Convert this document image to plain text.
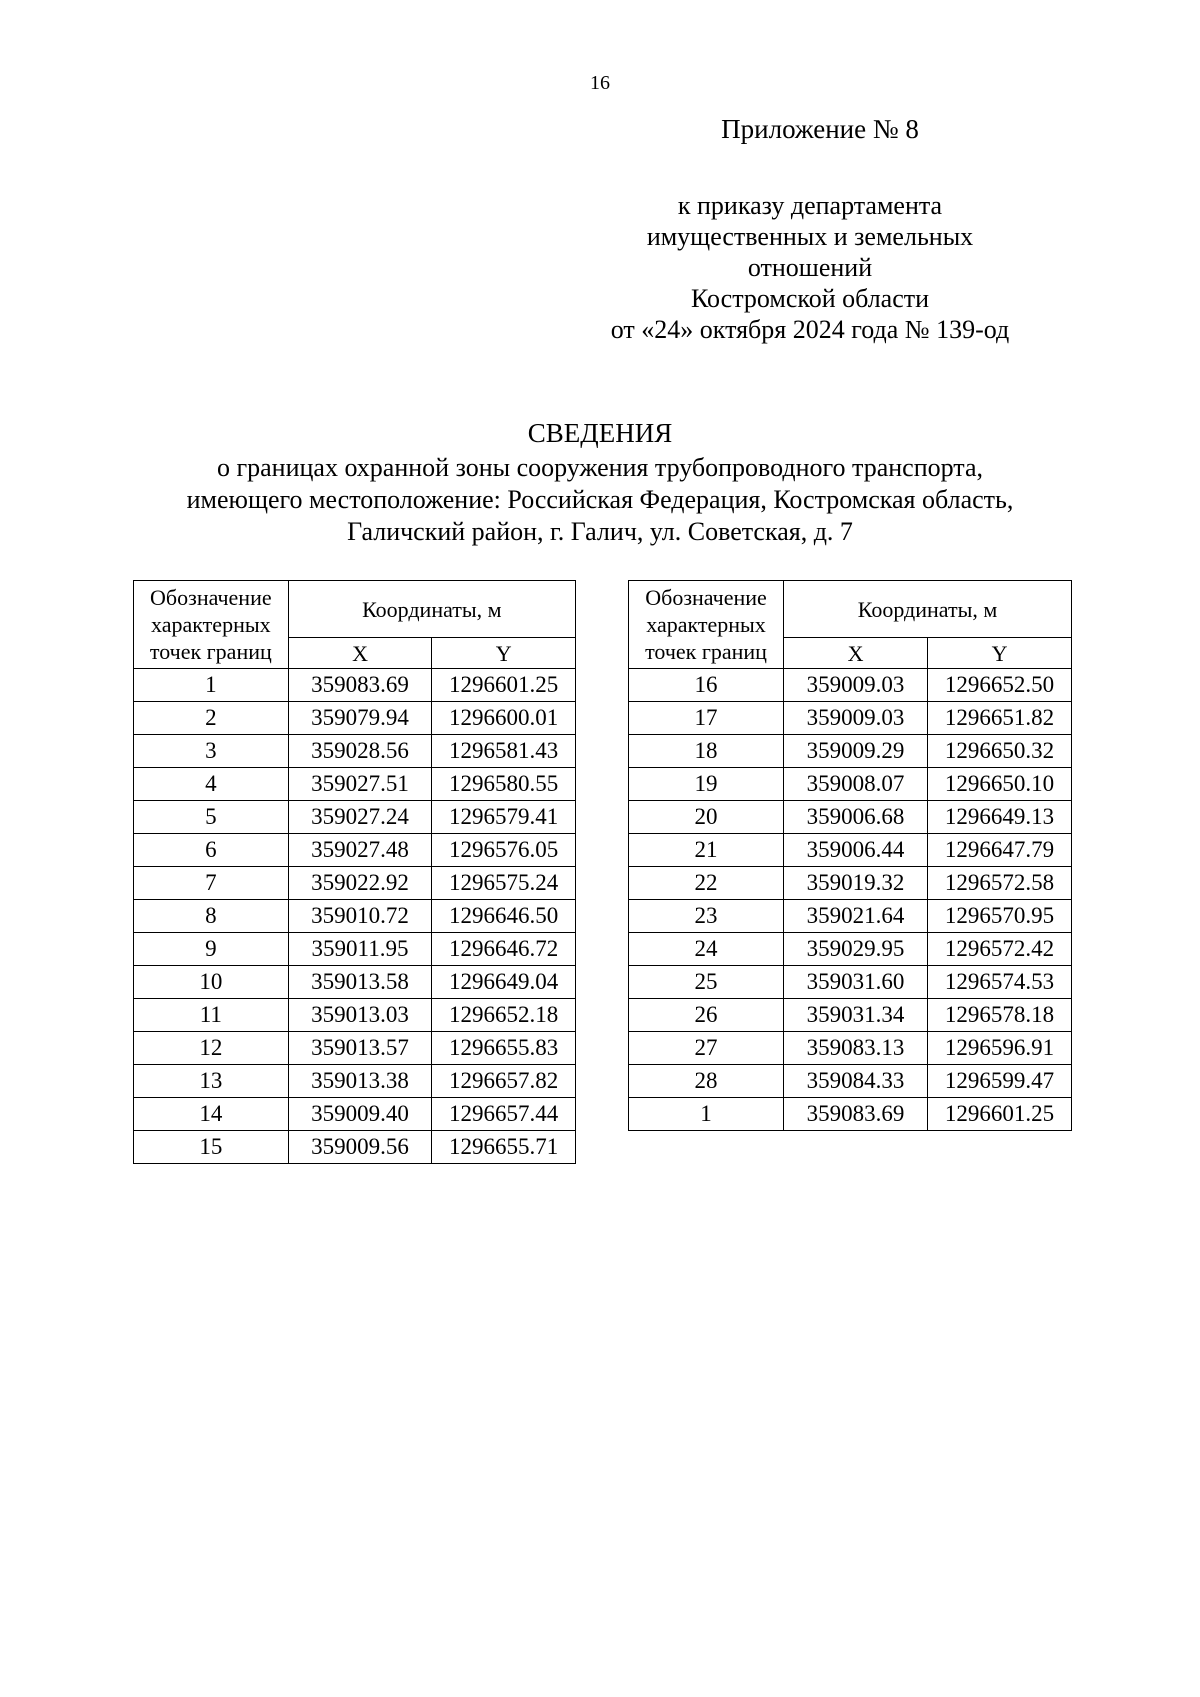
16
Приложение № 8
к приказу департамента
имущественных и земельных
отношений
Костромской области
от «24» октября 2024 года № 139-од
СВЕДЕНИЯ
о границах охранной зоны сооружения трубопроводного транспорта,
имеющего местоположение: Российская Федерация, Костромская область,
Галичский район, г. Галич, ул. Советская, д. 7
Обозначение
характерных
точек границ	Координаты, м	
	X	Y
1	359083.69	1296601.25
2	359079.94	1296600.01
3	359028.56	1296581.43
4	359027.51	1296580.55
5	359027.24	1296579.41
6	359027.48	1296576.05
7	359022.92	1296575.24
8	359010.72	1296646.50
9	359011.95	1296646.72
10	359013.58	1296649.04
11	359013.03	1296652.18
12	359013.57	1296655.83
13	359013.38	1296657.82
14	359009.40	1296657.44
15	359009.56	1296655.71
Обозначение
характерных
точек границ	Координаты, м	
	X	Y
16	359009.03	1296652.50
17	359009.03	1296651.82
18	359009.29	1296650.32
19	359008.07	1296650.10
20	359006.68	1296649.13
21	359006.44	1296647.79
22	359019.32	1296572.58
23	359021.64	1296570.95
24	359029.95	1296572.42
25	359031.60	1296574.53
26	359031.34	1296578.18
27	359083.13	1296596.91
28	359084.33	1296599.47
1	359083.69	1296601.25
